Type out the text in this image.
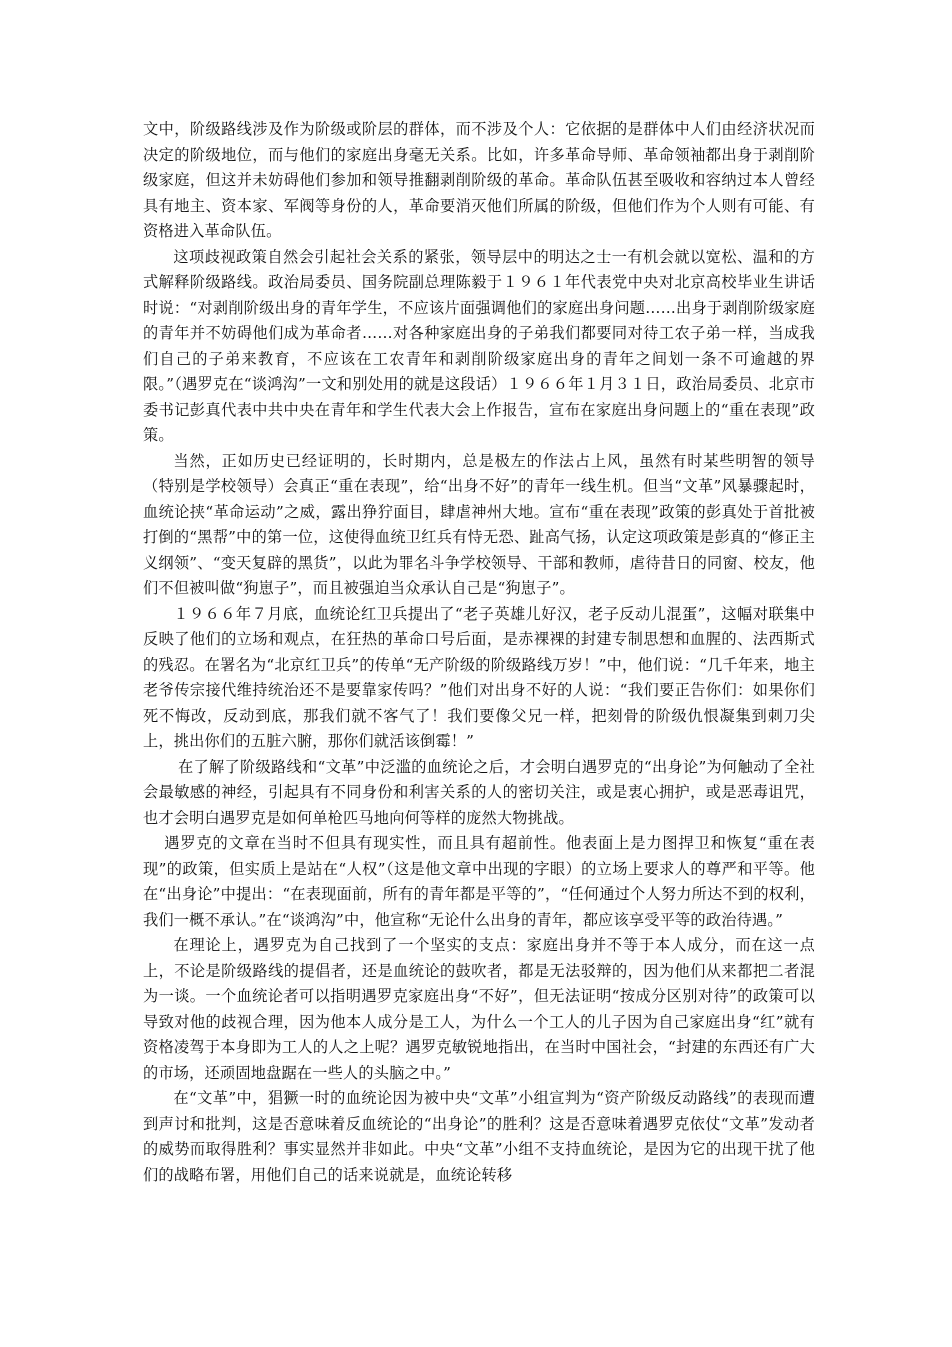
文中，阶级路线涉及作为阶级或阶层的群体，而不涉及个人：它依据的是群体中人们由经济状况而决定的阶级地位，而与他们的家庭出身毫无关系。比如，许多革命导师、革命领袖都出身于剥削阶级家庭，但这并未妨碍他们参加和领导推翻剥削阶级的革命。革命队伍甚至吸收和容纳过本人曾经具有地主、资本家、军阀等身份的人，革命要消灭他们所属的阶级，但他们作为个人则有可能、有资格进入革命队伍。

这项歧视政策自然会引起社会关系的紧张，领导层中的明达之士一有机会就以宽松、温和的方式解释阶级路线。政治局委员、国务院副总理陈毅于１９６１年代表党中央对北京高校毕业生讲话时说：“对剥削阶级出身的青年学生，不应该片面强调他们的家庭出身问题……出身于剥削阶级家庭的青年并不妨碍他们成为革命者……对各种家庭出身的子弟我们都要同对待工农子弟一样，当成我们自己的子弟来教育，不应该在工农青年和剥削阶级家庭出身的青年之间划一条不可逾越的界限。”（遇罗克在“谈鸿沟”一文和别处用的就是这段话）１９６６年１月３１日，政治局委员、北京市委书记彭真代表中共中央在青年和学生代表大会上作报告，宣布在家庭出身问题上的“重在表现”政策。

当然，正如历史已经证明的，长时期内，总是极左的作法占上风，虽然有时某些明智的领导（特别是学校领导）会真正“重在表现”，给“出身不好”的青年一线生机。但当“文革”风暴骤起时，血统论挟“革命运动”之威，露出狰狞面目，肆虐神州大地。宣布“重在表现”政策的彭真处于首批被打倒的“黑帮”中的第一位，这使得血统卫红兵有恃无恐、趾高气扬，认定这项政策是彭真的“修正主义纲领”、“变天复辟的黑货”，以此为罪名斗争学校领导、干部和教师，虐待昔日的同窗、校友，他们不但被叫做“狗崽子”，而且被强迫当众承认自己是“狗崽子”。

１９６６年７月底，血统论红卫兵提出了“老子英雄儿好汉，老子反动儿混蛋”，这幅对联集中反映了他们的立场和观点，在狂热的革命口号后面，是赤裸裸的封建专制思想和血腥的、法西斯式的残忍。在署名为“北京红卫兵”的传单“无产阶级的阶级路线万岁！”中，他们说：“几千年来，地主老爷传宗接代维持统治还不是要靠家传吗？”他们对出身不好的人说：“我们要正告你们：如果你们死不悔改，反动到底，那我们就不客气了！我们要像父兄一样，把刻骨的阶级仇恨凝集到刺刀尖上，挑出你们的五脏六腑，那你们就活该倒霉！”

在了解了阶级路线和“文革”中泛滥的血统论之后，才会明白遇罗克的“出身论”为何触动了全社会最敏感的神经，引起具有不同身份和利害关系的人的密切关注，或是衷心拥护，或是恶毒诅咒，也才会明白遇罗克是如何单枪匹马地向何等样的庞然大物挑战。

遇罗克的文章在当时不但具有现实性，而且具有超前性。他表面上是力图捍卫和恢复“重在表现”的政策，但实质上是站在“人权”（这是他文章中出现的字眼）的立场上要求人的尊严和平等。他在“出身论”中提出：“在表现面前，所有的青年都是平等的”，“任何通过个人努力所达不到的权利，我们一概不承认。”在“谈鸿沟”中，他宣称“无论什么出身的青年，都应该享受平等的政治待遇。”

在理论上，遇罗克为自己找到了一个坚实的支点：家庭出身并不等于本人成分，而在这一点上，不论是阶级路线的提倡者，还是血统论的鼓吹者，都是无法驳辩的，因为他们从来都把二者混为一谈。一个血统论者可以指明遇罗克家庭出身“不好”，但无法证明“按成分区别对待”的政策可以导致对他的歧视合理，因为他本人成分是工人，为什么一个工人的儿子因为自己家庭出身“红”就有资格凌驾于本身即为工人的人之上呢？遇罗克敏锐地指出，在当时中国社会，“封建的东西还有广大的市场，还顽固地盘踞在一些人的头脑之中。”

在“文革”中，猖獗一时的血统论因为被中央“文革”小组宣判为“资产阶级反动路线”的表现而遭到声讨和批判，这是否意味着反血统论的“出身论”的胜利？这是否意味着遇罗克依仗“文革”发动者的威势而取得胜利？事实显然并非如此。中央“文革”小组不支持血统论，是因为它的出现干扰了他们的战略布署，用他们自己的话来说就是，血统论转移
